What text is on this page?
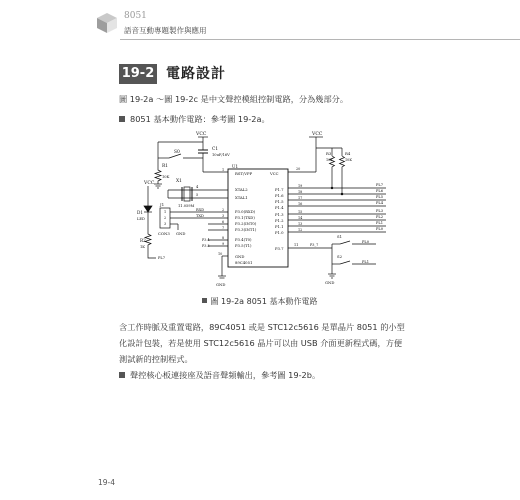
8051
語音互動專題製作與應用
19-2 電路設計
圖 19-2a ～圖 19-2c 是中文聲控模組控制電路，分為幾部分。
8051 基本動作電路：參考圖 19-2a。
VCC
C1
10uF/16V
S0
R1
10K
VCC	X1
11.059M
4
5
D1
LED
R2
1K
PL7
J1
1
2
3
CON3 GND
RXD
TXD
U1
RST/VPP
XTAL2
XTAL1
P3.0(RXD)
P3.1(TXD)
P3.2(INT0)
P3.3(INT1)
P3.4(T0)
P3.5(T1)
GND
89C4051
VCC
P1.7
P1.6
P1.5
P1.4
P1.3
P1.2
P1.1
P1.0
P3.7
1
2
3
6
7
8
9
10
P3.4
P3.5
GND
VCC
R3
10K
R4
10K
20
19
18
17
16
15
14
13
12
PL7
PL6
PL5
PL4
PL3
PL2
PL1
PL0
11	P3_7
S1
PL0
S2
PL1
GND
圖 19-2a 8051 基本動作電路
含工作時脈及重置電路，89C4051 或是 STC12c5616 是單晶片 8051 的小型
化設計包裝，若是使用 STC12c5616 晶片可以由 USB 介面更新程式碼，方便
測試新的控制程式。
聲控核心板連接座及語音聲頻輸出，參考圖 19-2b。
19-4
